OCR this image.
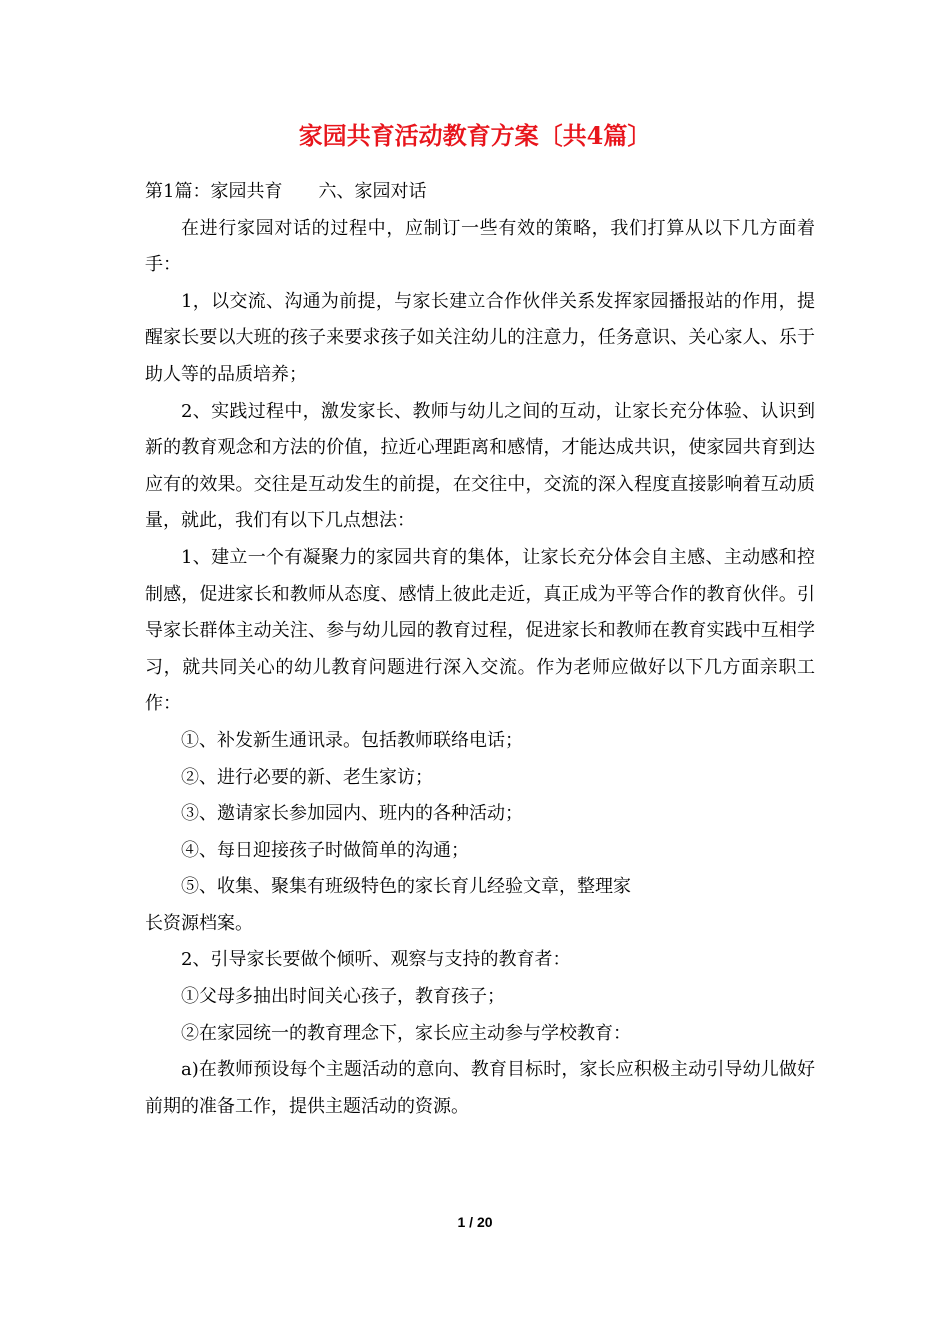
家园共育活动教育方案〔共4篇〕

第1篇：家园共育　　六、家园对话

在进行家园对话的过程中，应制订一些有效的策略，我们打算从以下几方面着手：

1，以交流、沟通为前提，与家长建立合作伙伴关系发挥家园播报站的作用，提醒家长要以大班的孩子来要求孩子如关注幼儿的注意力，任务意识、关心家人、乐于助人等的品质培养；

2、实践过程中，激发家长、教师与幼儿之间的互动，让家长充分体验、认识到新的教育观念和方法的价值，拉近心理距离和感情，才能达成共识，使家园共育到达应有的效果。交往是互动发生的前提，在交往中，交流的深入程度直接影响着互动质量，就此，我们有以下几点想法：

1、建立一个有凝聚力的家园共育的集体，让家长充分体会自主感、主动感和控制感，促进家长和教师从态度、感情上彼此走近，真正成为平等合作的教育伙伴。引导家长群体主动关注、参与幼儿园的教育过程，促进家长和教师在教育实践中互相学习，就共同关心的幼儿教育问题进行深入交流。作为老师应做好以下几方面亲职工作：

①、补发新生通讯录。包括教师联络电话；

②、进行必要的新、老生家访；

③、邀请家长参加园内、班内的各种活动；

④、每日迎接孩子时做简单的沟通；

⑤、收集、聚集有班级特色的家长育儿经验文章，整理家

长资源档案。

2、引导家长要做个倾听、观察与支持的教育者：

①父母多抽出时间关心孩子，教育孩子；

②在家园统一的教育理念下，家长应主动参与学校教育：

a)在教师预设每个主题活动的意向、教育目标时，家长应积极主动引导幼儿做好前期的准备工作，提供主题活动的资源。

1 / 20
